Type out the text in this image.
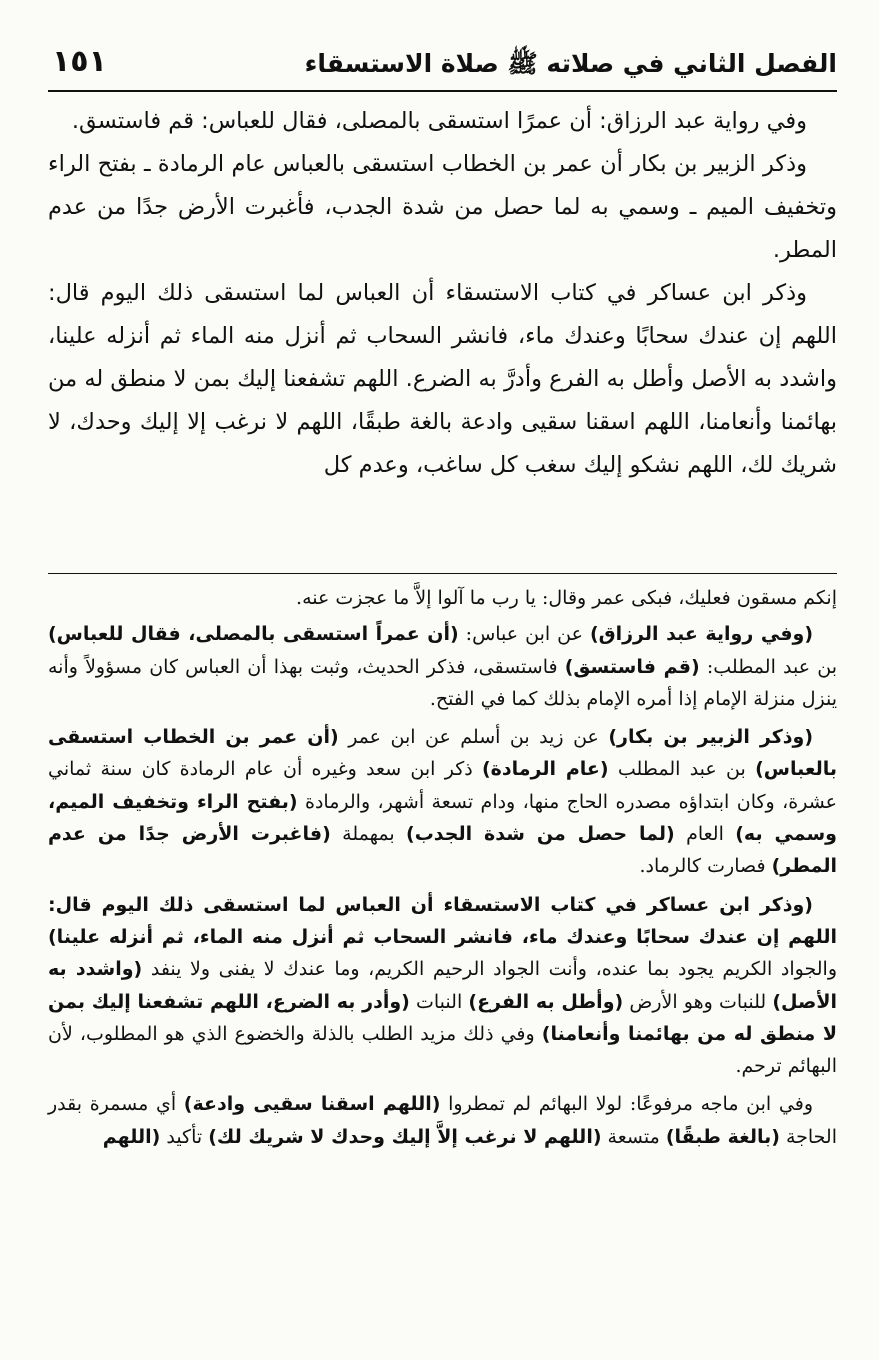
١٥١	الفصل الثاني في صلاته ﷺ صلاة الاستسقاء

وفي رواية عبد الرزاق: أن عمرًا استسقى بالمصلى، فقال للعباس: قم فاستسق.

وذكر الزبير بن بكار أن عمر بن الخطاب استسقى بالعباس عام الرمادة ـ بفتح الراء وتخفيف الميم ـ وسمي به لما حصل من شدة الجدب، فأغبرت الأرض جدًا من عدم المطر.

وذكر ابن عساكر في كتاب الاستسقاء أن العباس لما استسقى ذلك اليوم قال: اللهم إن عندك سحابًا وعندك ماء، فانشر السحاب ثم أنزل منه الماء ثم أنزله علينا، واشدد به الأصل وأطل به الفرع وأدرَّ به الضرع. اللهم تشفعنا إليك بمن لا منطق له من بهائمنا وأنعامنا، اللهم اسقنا سقيى وادعة بالغة طبقًا، اللهم لا نرغب إلا إليك وحدك، لا شريك لك، اللهم نشكو إليك سغب كل ساغب، وعدم كل

إنكم مسقون فعليك، فبكى عمر وقال: يا رب ما آلوا إلاَّ ما عجزت عنه.

(وفي رواية عبد الرزاق) عن ابن عباس: (أن عمراً استسقى بالمصلى، فقال للعباس) بن عبد المطلب: (قم فاستسق) فاستسقى، فذكر الحديث، وثبت بهذا أن العباس كان مسؤولاً وأنه ينزل منزلة الإمام إذا أمره الإمام بذلك كما في الفتح.

(وذكر الزبير بن بكار) عن زيد بن أسلم عن ابن عمر (أن عمر بن الخطاب استسقى بالعباس) بن عبد المطلب (عام الرمادة) ذكر ابن سعد وغيره أن عام الرمادة كان سنة ثماني عشرة، وكان ابتداؤه مصدره الحاج منها، ودام تسعة أشهر، والرمادة (بفتح الراء وتخفيف الميم، وسمي به) العام (لما حصل من شدة الجدب) بمهملة (فاغبرت الأرض جدًا من عدم المطر) فصارت كالرماد.

(وذكر ابن عساكر في كتاب الاستسقاء أن العباس لما استسقى ذلك اليوم قال: اللهم إن عندك سحابًا وعندك ماء، فانشر السحاب ثم أنزل منه الماء، ثم أنزله علينا) والجواد الكريم يجود بما عنده، وأنت الجواد الرحيم الكريم، وما عندك لا يفنى ولا ينفد (واشدد به الأصل) للنبات وهو الأرض (وأطل به الفرع) النبات (وأدر به الضرع، اللهم تشفعنا إليك بمن لا منطق له من بهائمنا وأنعامنا) وفي ذلك مزيد الطلب بالذلة والخضوع الذي هو المطلوب، لأن البهائم ترحم.

وفي ابن ماجه مرفوعًا: لولا البهائم لم تمطروا (اللهم اسقنا سقيى وادعة) أي مسمرة بقدر الحاجة (بالغة طبقًا) متسعة (اللهم لا نرغب إلاَّ إليك وحدك لا شريك لك) تأكيد (اللهم
